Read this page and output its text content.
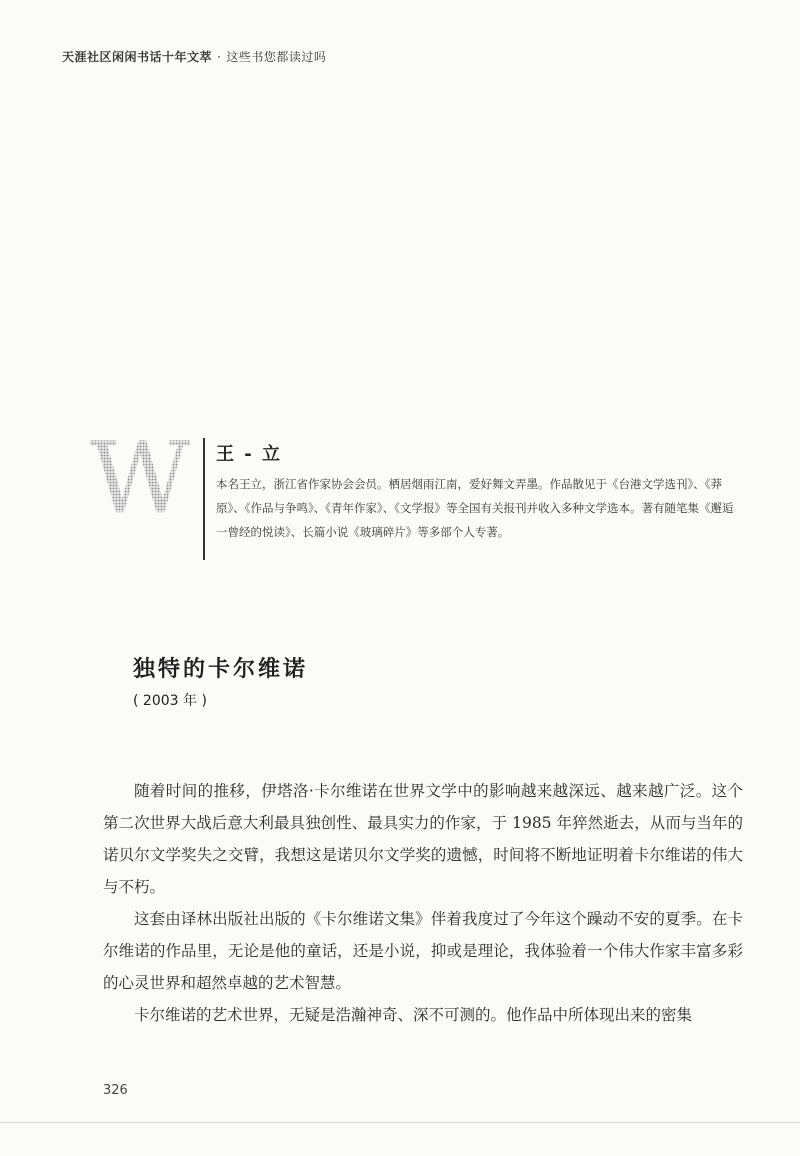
天涯社区闲闲书话十年文萃 · 这些书您都读过吗
W 王 - 立
本名王立，浙江省作家协会会员。栖居烟雨江南，爱好舞文弄墨。作品散见于《台港文学选刊》、《莽原》、《作品与争鸣》、《青年作家》、《文学报》等全国有关报刊并收入多种文学选本。著有随笔集《邂逅一曾经的悦读》、长篇小说《玻璃碎片》等多部个人专著。
独特的卡尔维诺
( 2003 年 )

随着时间的推移，伊塔洛·卡尔维诺在世界文学中的影响越来越深远、越来越广泛。这个第二次世界大战后意大利最具独创性、最具实力的作家，于 1985 年猝然逝去，从而与当年的诺贝尔文学奖失之交臂，我想这是诺贝尔文学奖的遗憾，时间将不断地证明着卡尔维诺的伟大与不朽。

这套由译林出版社出版的《卡尔维诺文集》伴着我度过了今年这个躁动不安的夏季。在卡尔维诺的作品里，无论是他的童话，还是小说，抑或是理论，我体验着一个伟大作家丰富多彩的心灵世界和超然卓越的艺术智慧。

卡尔维诺的艺术世界，无疑是浩瀚神奇、深不可测的。他作品中所体现出来的密集

326
